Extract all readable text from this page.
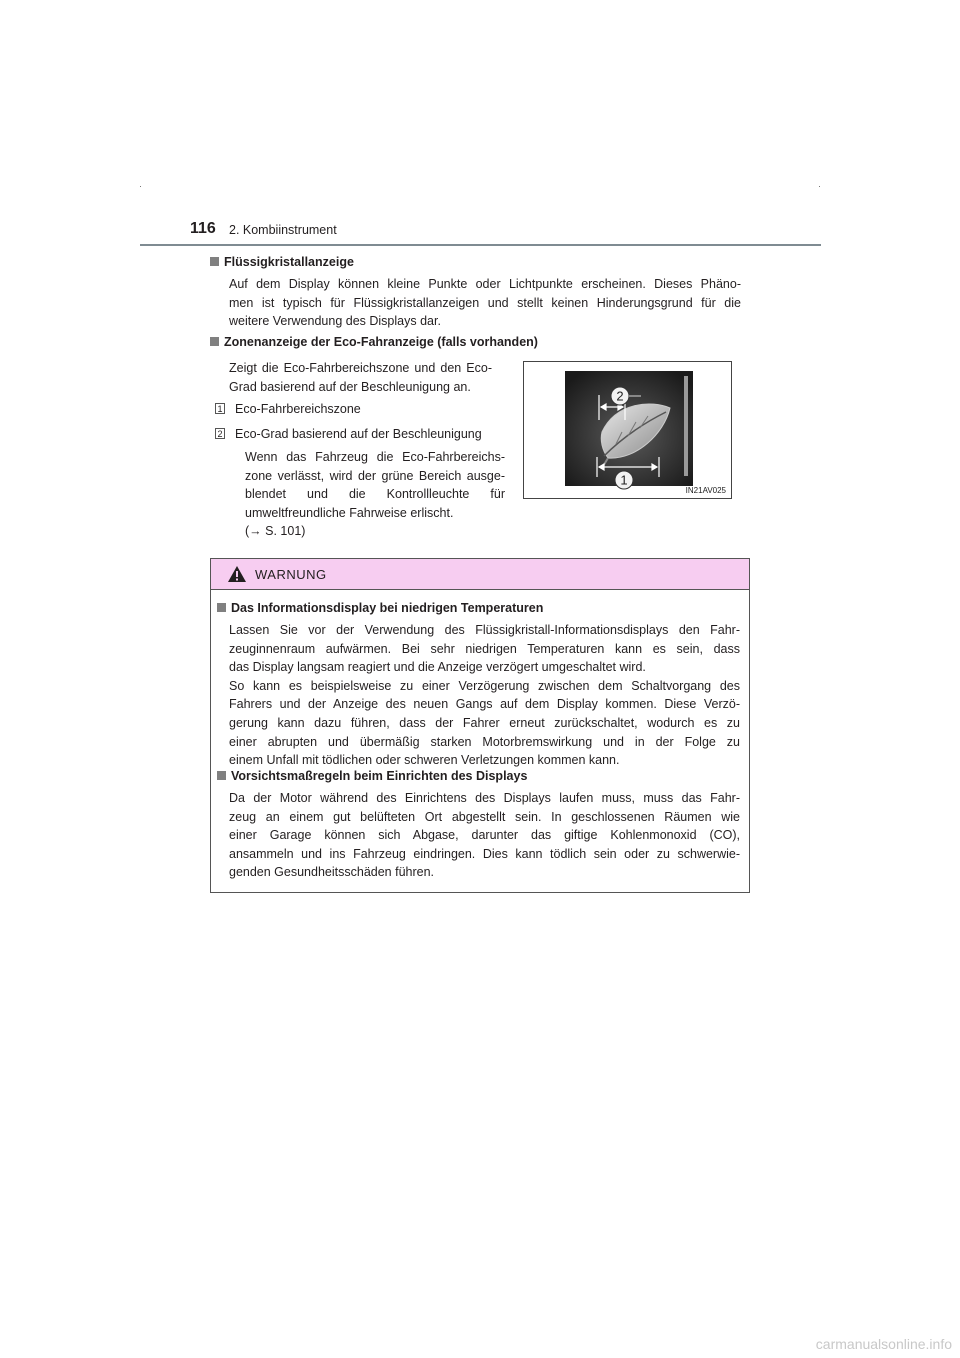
116 2. Kombiinstrument
Flüssigkristallanzeige
Auf dem Display können kleine Punkte oder Lichtpunkte erscheinen. Dieses Phäno-
men ist typisch für Flüssigkristallanzeigen und stellt keinen Hinderungsgrund für die
weitere Verwendung des Displays dar.
Zonenanzeige der Eco-Fahranzeige (falls vorhanden)
Zeigt die Eco-Fahrbereichszone und den Eco-
Grad basierend auf der Beschleunigung an.
1 Eco-Fahrbereichszone
2 Eco-Grad basierend auf der Beschleunigung
Wenn das Fahrzeug die Eco-Fahrbereichs-
zone verlässt, wird der grüne Bereich ausge-
blendet und die Kontrollleuchte für
umweltfreundliche Fahrweise erlischt.
(→ S. 101)
2
1
IN21AV025
WARNUNG
Das Informationsdisplay bei niedrigen Temperaturen
Lassen Sie vor der Verwendung des Flüssigkristall-Informationsdisplays den Fahr-
zeuginnenraum aufwärmen. Bei sehr niedrigen Temperaturen kann es sein, dass
das Display langsam reagiert und die Anzeige verzögert umgeschaltet wird.
So kann es beispielsweise zu einer Verzögerung zwischen dem Schaltvorgang des
Fahrers und der Anzeige des neuen Gangs auf dem Display kommen. Diese Verzö-
gerung kann dazu führen, dass der Fahrer erneut zurückschaltet, wodurch es zu
einer abrupten und übermäßig starken Motorbremswirkung und in der Folge zu
einem Unfall mit tödlichen oder schweren Verletzungen kommen kann.
Vorsichtsmaßregeln beim Einrichten des Displays
Da der Motor während des Einrichtens des Displays laufen muss, muss das Fahr-
zeug an einem gut belüfteten Ort abgestellt sein. In geschlossenen Räumen wie
einer Garage können sich Abgase, darunter das giftige Kohlenmonoxid (CO),
ansammeln und ins Fahrzeug eindringen. Dies kann tödlich sein oder zu schwerwie-
genden Gesundheitsschäden führen.
carmanualsonline.info
